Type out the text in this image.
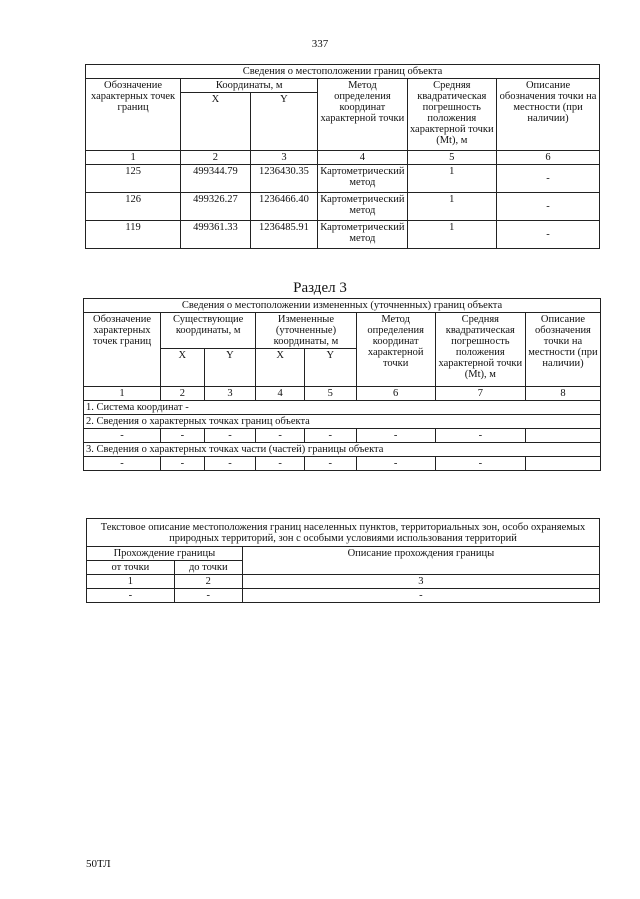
337
Сведения о местоположении границ объекта					
Обозначение характерных точек границ	Координаты, м		Метод определения координат характерной точки	Средняя квадратическая погрешность положения характерной точки (Mt), м	Описание обозначения точки на местности (при наличии)
	X	Y			
1	2	3	4	5	6
125	499344.79	1236430.35	Картометрический метод	1	-
126	499326.27	1236466.40	Картометрический метод	1	-
119	499361.33	1236485.91	Картометрический метод	1	-
Раздел 3
Сведения о местоположении измененных (уточненных) границ объекта							
Обозначение характерных точек границ	Существующие координаты, м		Измененные (уточненные) координаты, м		Метод определения координат характерной точки	Средняя квадратическая погрешность положения характерной точки (Mt), м	Описание обозначения точки на местности (при наличии)
	X	Y	X	Y			
1	2	3	4	5	6	7	8
1. Система координат -							
2. Сведения о характерных точках границ объекта							
-	-	-	-	-	-	-	
3. Сведения о характерных точках части (частей) границы объекта							
-	-	-	-	-	-	-	
Текстовое описание местоположения границ населенных пунктов, территориальных зон, особо охраняемых природных территорий, зон с особыми условиями использования территорий		
Прохождение границы		Описание прохождения границы
от точки	до точки	
1	2	3
-	-	-
50ТЛ
